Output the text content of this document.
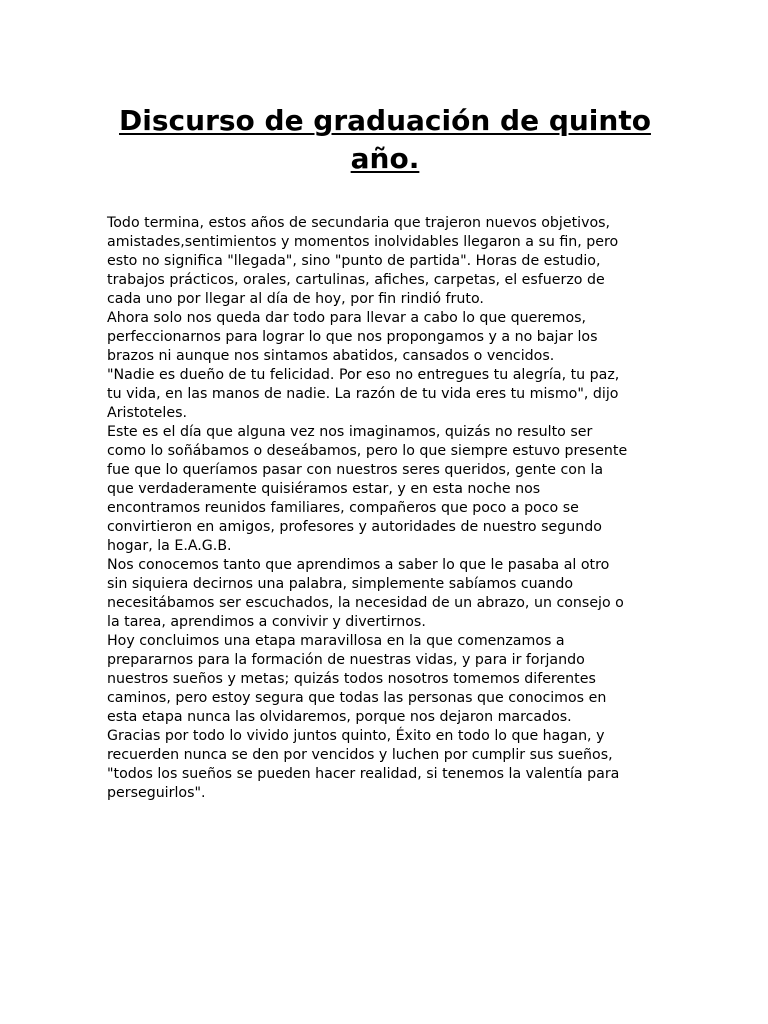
Discurso de graduación de quinto año.
Todo termina, estos años de secundaria que trajeron nuevos objetivos,
amistades,sentimientos y momentos inolvidables llegaron a su fin, pero
esto no significa "llegada", sino "punto de partida". Horas de estudio,
trabajos prácticos, orales, cartulinas, afiches, carpetas, el esfuerzo de
cada uno por llegar al día de hoy, por fin rindió fruto.
Ahora solo nos queda dar todo para llevar a cabo lo que queremos,
perfeccionarnos para lograr lo que nos propongamos y a no bajar los
brazos ni aunque nos sintamos abatidos, cansados o vencidos.
"Nadie es dueño de tu felicidad. Por eso no entregues tu alegría, tu paz,
tu vida, en las manos de nadie. La razón de tu vida eres tu mismo", dijo
Aristoteles.
Este es el día que alguna vez nos imaginamos, quizás no resulto ser
como lo soñábamos o deseábamos, pero lo que siempre estuvo presente
fue que lo queríamos pasar con nuestros seres queridos, gente con la
que verdaderamente quisiéramos estar, y en esta noche nos
encontramos reunidos familiares, compañeros que poco a poco se
convirtieron en amigos, profesores y autoridades de nuestro segundo
hogar, la E.A.G.B.
Nos conocemos tanto que aprendimos a saber lo que le pasaba al otro
sin siquiera decirnos una palabra, simplemente sabíamos cuando
necesitábamos ser escuchados, la necesidad de un abrazo, un consejo o
la tarea, aprendimos a convivir y divertirnos.
Hoy concluimos una etapa maravillosa en la que comenzamos a
prepararnos para la formación de nuestras vidas, y para ir forjando
nuestros sueños y metas; quizás todos nosotros tomemos diferentes
caminos, pero estoy segura que todas las personas que conocimos en
esta etapa nunca las olvidaremos, porque nos dejaron marcados.
Gracias por todo lo vivido juntos quinto, Éxito en todo lo que hagan, y
recuerden nunca se den por vencidos y luchen por cumplir sus sueños,
"todos los sueños se pueden hacer realidad, si tenemos la valentía para
perseguirlos".
